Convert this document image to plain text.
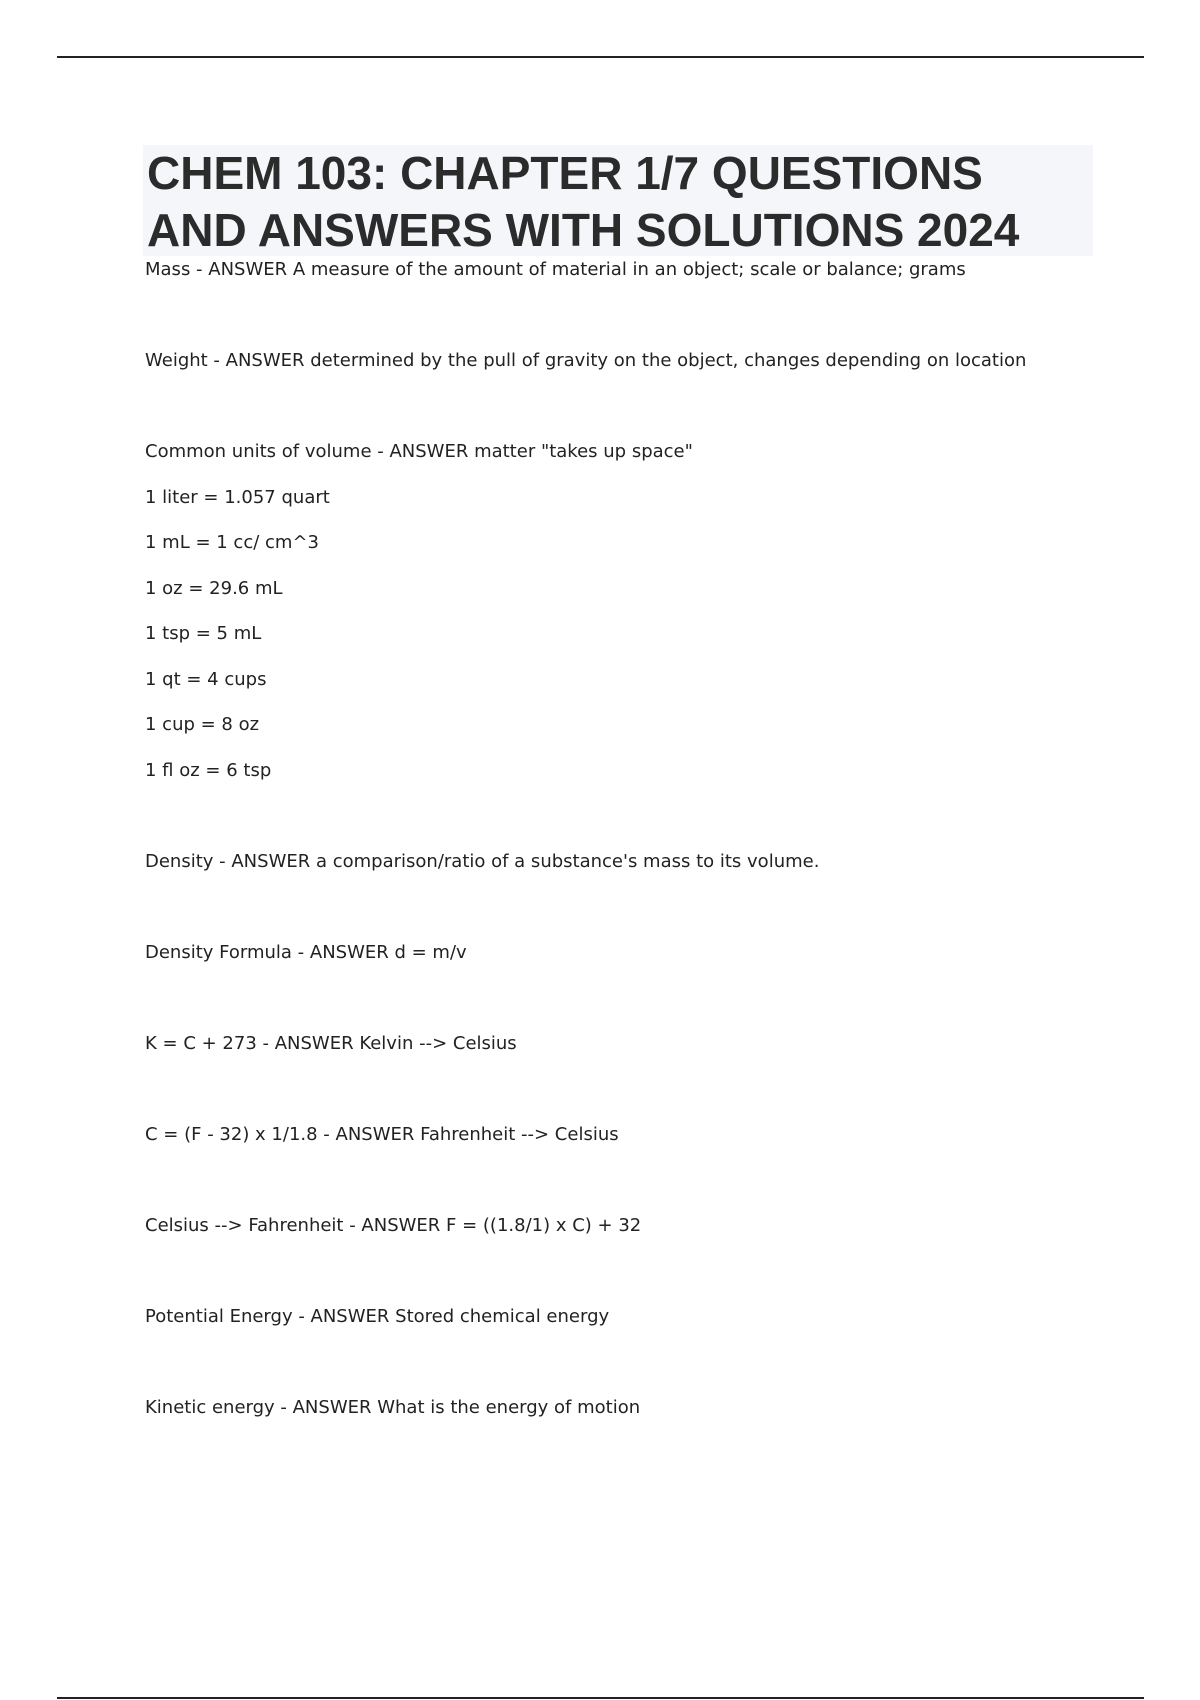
CHEM 103: CHAPTER 1/7 QUESTIONS
AND ANSWERS WITH SOLUTIONS 2024

Mass - ANSWER A measure of the amount of material in an object; scale or balance; grams

Weight - ANSWER determined by the pull of gravity on the object, changes depending on location

Common units of volume - ANSWER matter "takes up space"

1 liter = 1.057 quart

1 mL = 1 cc/ cm^3

1 oz = 29.6 mL

1 tsp = 5 mL

1 qt = 4 cups

1 cup = 8 oz

1 fl oz = 6 tsp

Density - ANSWER a comparison/ratio of a substance's mass to its volume.

Density Formula - ANSWER d = m/v

K = C + 273 - ANSWER Kelvin --> Celsius

C = (F - 32) x 1/1.8 - ANSWER Fahrenheit --> Celsius

Celsius --> Fahrenheit - ANSWER F = ((1.8/1) x C) + 32

Potential Energy - ANSWER Stored chemical energy

Kinetic energy - ANSWER What is the energy of motion
